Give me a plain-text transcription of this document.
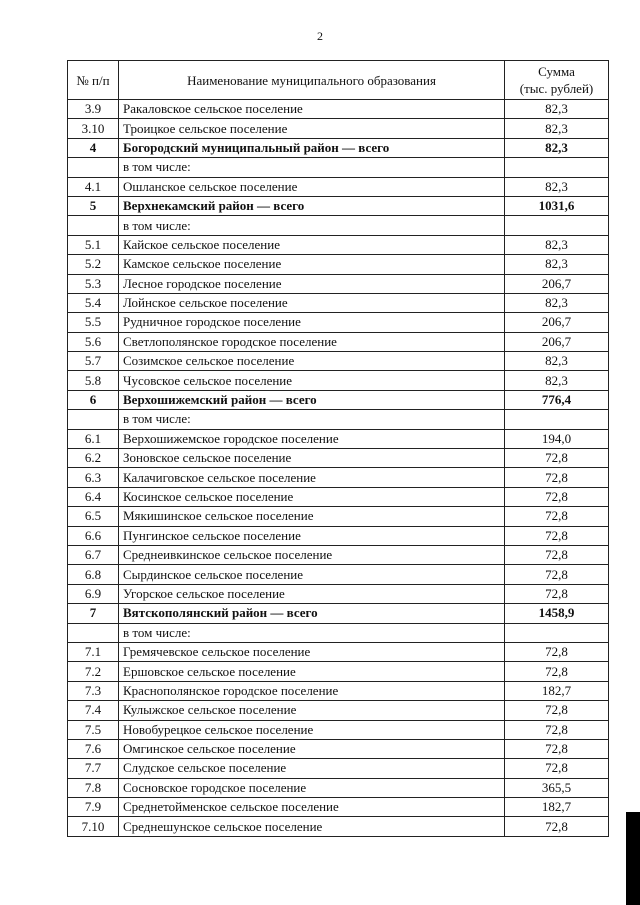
2
№ п/п	Наименование муниципального образования	Сумма
(тыс. рублей)

3.9	Ракаловское сельское поселение	82,3
3.10	Троицкое сельское поселение	82,3
4	Богородский муниципальный район — всего	82,3
	в том числе:	
4.1	Ошланское сельское поселение	82,3
5	Верхнекамский район — всего	1031,6
	в том числе:	
5.1	Кайское сельское поселение	82,3
5.2	Камское сельское поселение	82,3
5.3	Лесное городское поселение	206,7
5.4	Лойнское сельское поселение	82,3
5.5	Рудничное городское поселение	206,7
5.6	Светлополянское городское поселение	206,7
5.7	Созимское сельское поселение	82,3
5.8	Чусовское сельское поселение	82,3
6	Верхошижемский район — всего	776,4
	в том числе:	
6.1	Верхошижемское городское поселение	194,0
6.2	Зоновское сельское поселение	72,8
6.3	Калачиговское сельское поселение	72,8
6.4	Косинское сельское поселение	72,8
6.5	Мякишинское сельское поселение	72,8
6.6	Пунгинское сельское поселение	72,8
6.7	Среднеивкинское сельское поселение	72,8
6.8	Сырдинское сельское поселение	72,8
6.9	Угорское сельское поселение	72,8
7	Вятскополянский район — всего	1458,9
	в том числе:	
7.1	Гремячевское сельское поселение	72,8
7.2	Ершовское сельское поселение	72,8
7.3	Краснополянское городское поселение	182,7
7.4	Кулыжское сельское поселение	72,8
7.5	Новобурецкое сельское поселение	72,8
7.6	Омгинское сельское поселение	72,8
7.7	Слудское сельское поселение	72,8
7.8	Сосновское городское поселение	365,5
7.9	Среднетойменское сельское поселение	182,7
7.10	Среднешунское сельское поселение	72,8
